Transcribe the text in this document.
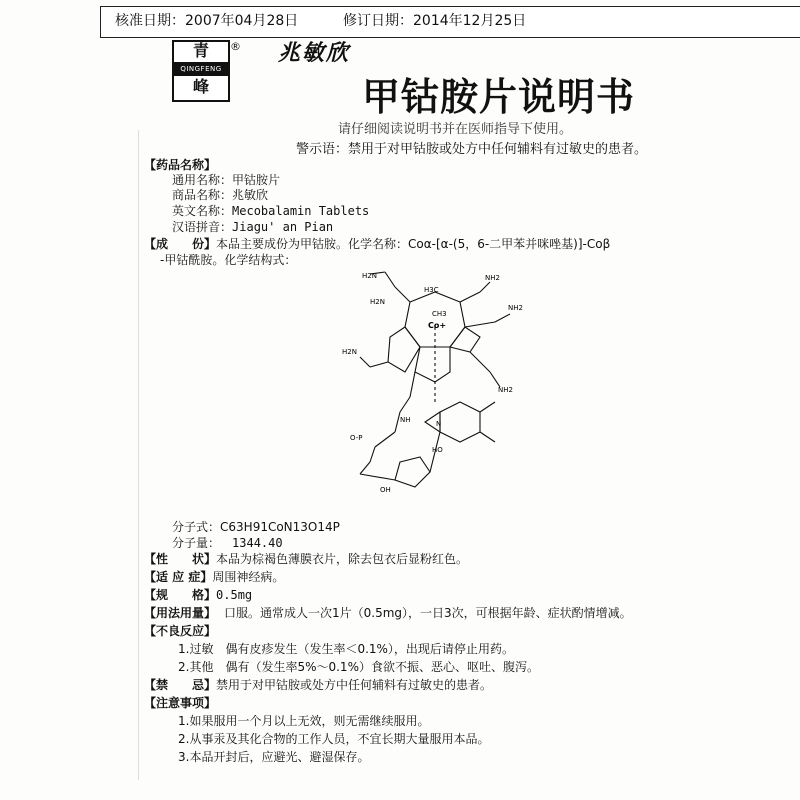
核准日期：2007年04月28日	修订日期：2014年12月25日
青
QINGFENG
峰
® 兆敏欣
甲钴胺片说明书
请仔细阅读说明书并在医师指导下使用。
警示语：禁用于对甲钴胺或处方中任何辅料有过敏史的患者。
【药品名称】
通用名称：甲钴胺片
商品名称：兆敏欣
英文名称：Mecobalamin Tablets
汉语拼音：Jiagu' an Pian
【成　　份】本品主要成份为甲钴胺。化学名称：Coα-[α-(5，6-二甲苯并咪唑基)]-Coβ
-甲钴酰胺。化学结构式：
H2N
H2N
H2N
NH2
NH2
NH2
Co+
CH3
H3C
HO
OH
O-P
N
NH
分子式：C63H91CoN13O14P
分子量： 1344.40
【性　　状】本品为棕褐色薄膜衣片，除去包衣后显粉红色。
【适 应 症】周围神经病。
【规　　格】0.5mg
【用法用量】 口服。通常成人一次1片（0.5mg），一日3次，可根据年龄、症状酌情增减。
【不良反应】
1.过敏　偶有皮疹发生（发生率＜0.1%），出现后请停止用药。
2.其他　偶有（发生率5%～0.1%）食欲不振、恶心、呕吐、腹泻。
【禁　　忌】禁用于对甲钴胺或处方中任何辅料有过敏史的患者。
【注意事项】
1.如果服用一个月以上无效，则无需继续服用。
2.从事汞及其化合物的工作人员，不宜长期大量服用本品。
3.本品开封后，应避光、避湿保存。
